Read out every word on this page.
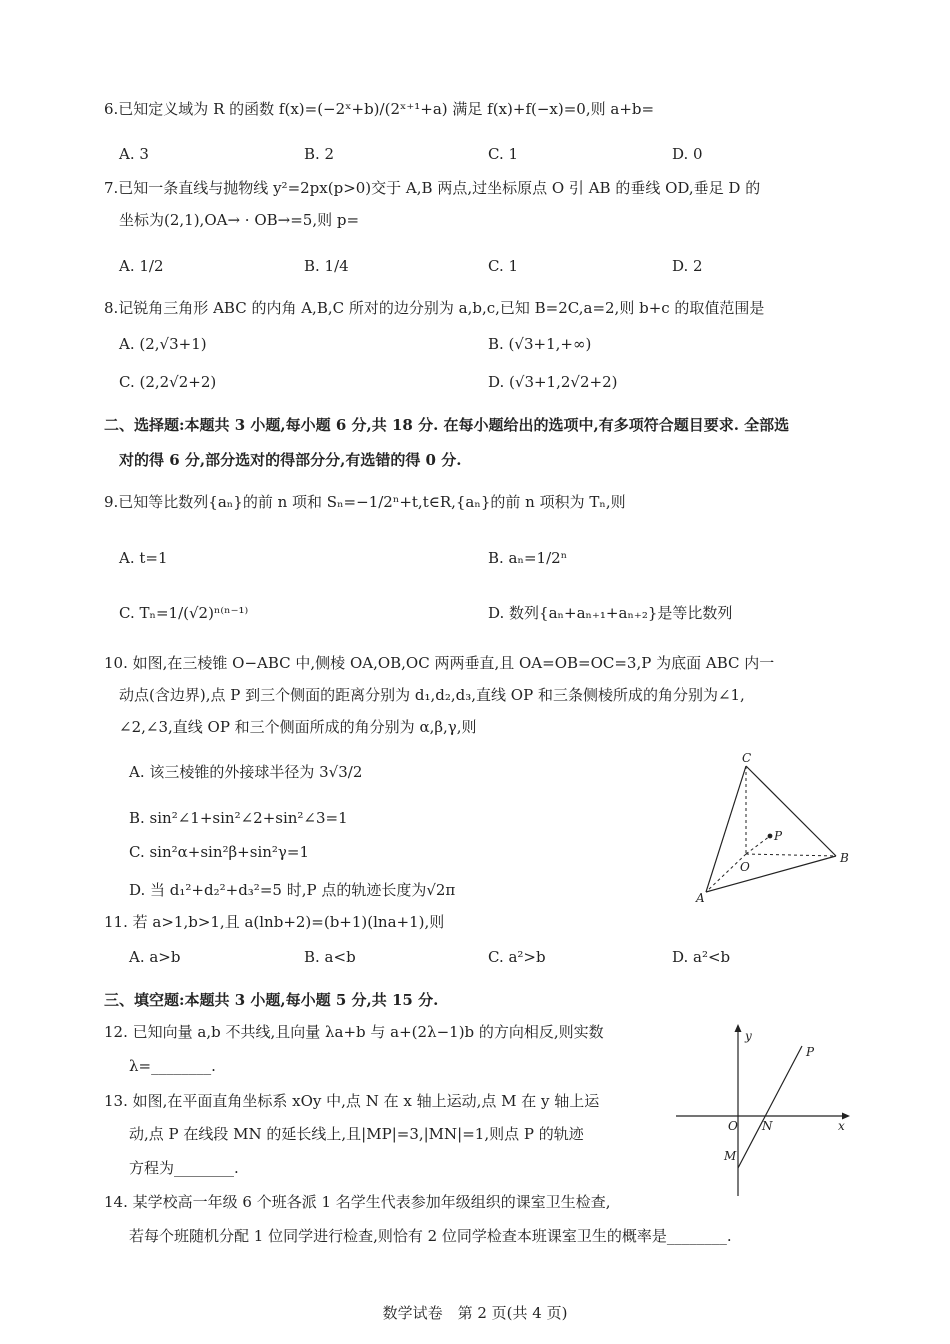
6.已知定义域为 R 的函数 f(x)=(−2ˣ+b)/(2ˣ⁺¹+a) 满足 f(x)+f(−x)=0,则 a+b=
A. 3	B. 2	C. 1	D. 0
7.已知一条直线与抛物线 y²=2px(p>0)交于 A,B 两点,过坐标原点 O 引 AB 的垂线 OD,垂足 D 的
坐标为(2,1),OA→ · OB→=5,则 p=
A. 1/2	B. 1/4	C. 1	D. 2
8.记锐角三角形 ABC 的内角 A,B,C 所对的边分别为 a,b,c,已知 B=2C,a=2,则 b+c 的取值范围是
A. (2,√3+1)	B. (√3+1,+∞)
C. (2,2√2+2)	D. (√3+1,2√2+2)
二、选择题:本题共 3 小题,每小题 6 分,共 18 分. 在每小题给出的选项中,有多项符合题目要求. 全部选
对的得 6 分,部分选对的得部分分,有选错的得 0 分.
9.已知等比数列{aₙ}的前 n 项和 Sₙ=−1/2ⁿ+t,t∈R,{aₙ}的前 n 项积为 Tₙ,则
A. t=1	B. aₙ=1/2ⁿ
C. Tₙ=1/(√2)ⁿ⁽ⁿ⁻¹⁾	D. 数列{aₙ+aₙ₊₁+aₙ₊₂}是等比数列
10. 如图,在三棱锥 O−ABC 中,侧棱 OA,OB,OC 两两垂直,且 OA=OB=OC=3,P 为底面 ABC 内一
动点(含边界),点 P 到三个侧面的距离分别为 d₁,d₂,d₃,直线 OP 和三条侧棱所成的角分别为∠1,
∠2,∠3,直线 OP 和三个侧面所成的角分别为 α,β,γ,则
A. 该三棱锥的外接球半径为 3√3/2
B. sin²∠1+sin²∠2+sin²∠3=1
C. sin²α+sin²β+sin²γ=1
D. 当 d₁²+d₂²+d₃²=5 时,P 点的轨迹长度为√2π
C
P
O
B
A
11. 若 a>1,b>1,且 a(lnb+2)=(b+1)(lna+1),则
A. a>b	B. a<b	C. a²>b	D. a²<b
三、填空题:本题共 3 小题,每小题 5 分,共 15 分.
12. 已知向量 a,b 不共线,且向量 λa+b 与 a+(2λ−1)b 的方向相反,则实数
λ=________.
13. 如图,在平面直角坐标系 xOy 中,点 N 在 x 轴上运动,点 M 在 y 轴上运
动,点 P 在线段 MN 的延长线上,且|MP|=3,|MN|=1,则点 P 的轨迹
方程为________.
y
P
O N	x
M
14. 某学校高一年级 6 个班各派 1 名学生代表参加年级组织的课室卫生检查,
若每个班随机分配 1 位同学进行检查,则恰有 2 位同学检查本班课室卫生的概率是________.
数学试卷　第 2 页(共 4 页)
